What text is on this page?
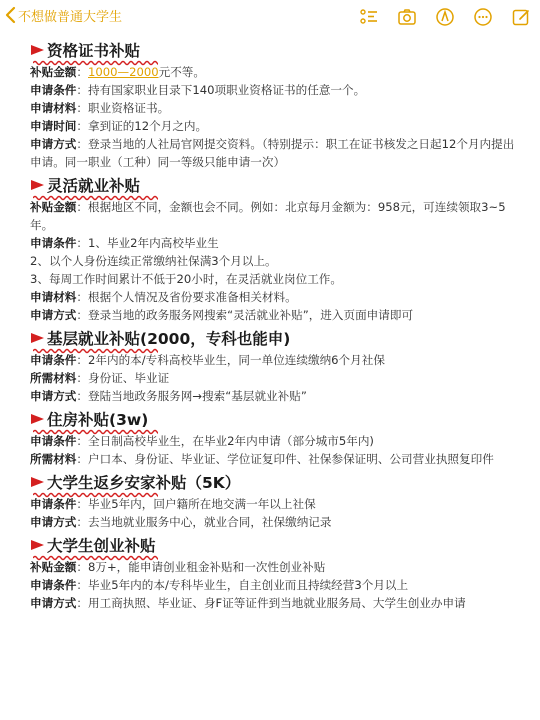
不想做普通大学生
资格证书补贴
补贴金额：1000—2000元不等。
申请条件：持有国家职业目录下140项职业资格证书的任意一个。
申请材料：职业资格证书。
申请时间：拿到证的12个月之内。
申请方式：登录当地的人社局官网提交资料。（特别提示：职工在证书核发之日起12个月内提出申请。同一职业（工种）同一等级只能申请一次）
灵活就业补贴
补贴金额：根据地区不同，金额也会不同。例如：北京每月金额为：958元，可连续领取3~5年。
申请条件：1、毕业2年内高校毕业生
2、以个人身份连续正常缴纳社保满3个月以上。
3、每周工作时间累计不低于20小时，在灵活就业岗位工作。
申请材料：根据个人情况及省份要求准备相关材料。
申请方式：登录当地的政务服务网搜索“灵活就业补贴”，进入页面申请即可
基层就业补贴(2000，专科也能申)
申请条件：2年内的本/专科高校毕业生，同一单位连续缴纳6个月社保
所需材料：身份证、毕业证
申请方式：登陆当地政务服务网→搜索“基层就业补贴”
住房补贴(3w)
申请条件：全日制高校毕业生，在毕业2年内申请（部分城市5年内)
所需材料：户口本、身份证、毕业证、学位证复印件、社保参保证明、公司营业执照复印件
大学生返乡安家补贴（5K）
申请条件：毕业5年内，回户籍所在地交满一年以上社保
申请方式：去当地就业服务中心，就业合同，社保缴纳记录
大学生创业补贴
补贴金额：8万+，能申请创业租金补贴和一次性创业补贴
申请条件：毕业5年内的本/专科毕业生，自主创业而且持续经营3个月以上
申请方式：用工商执照、毕业证、身F证等证件到当地就业服务局、大学生创业办申请
